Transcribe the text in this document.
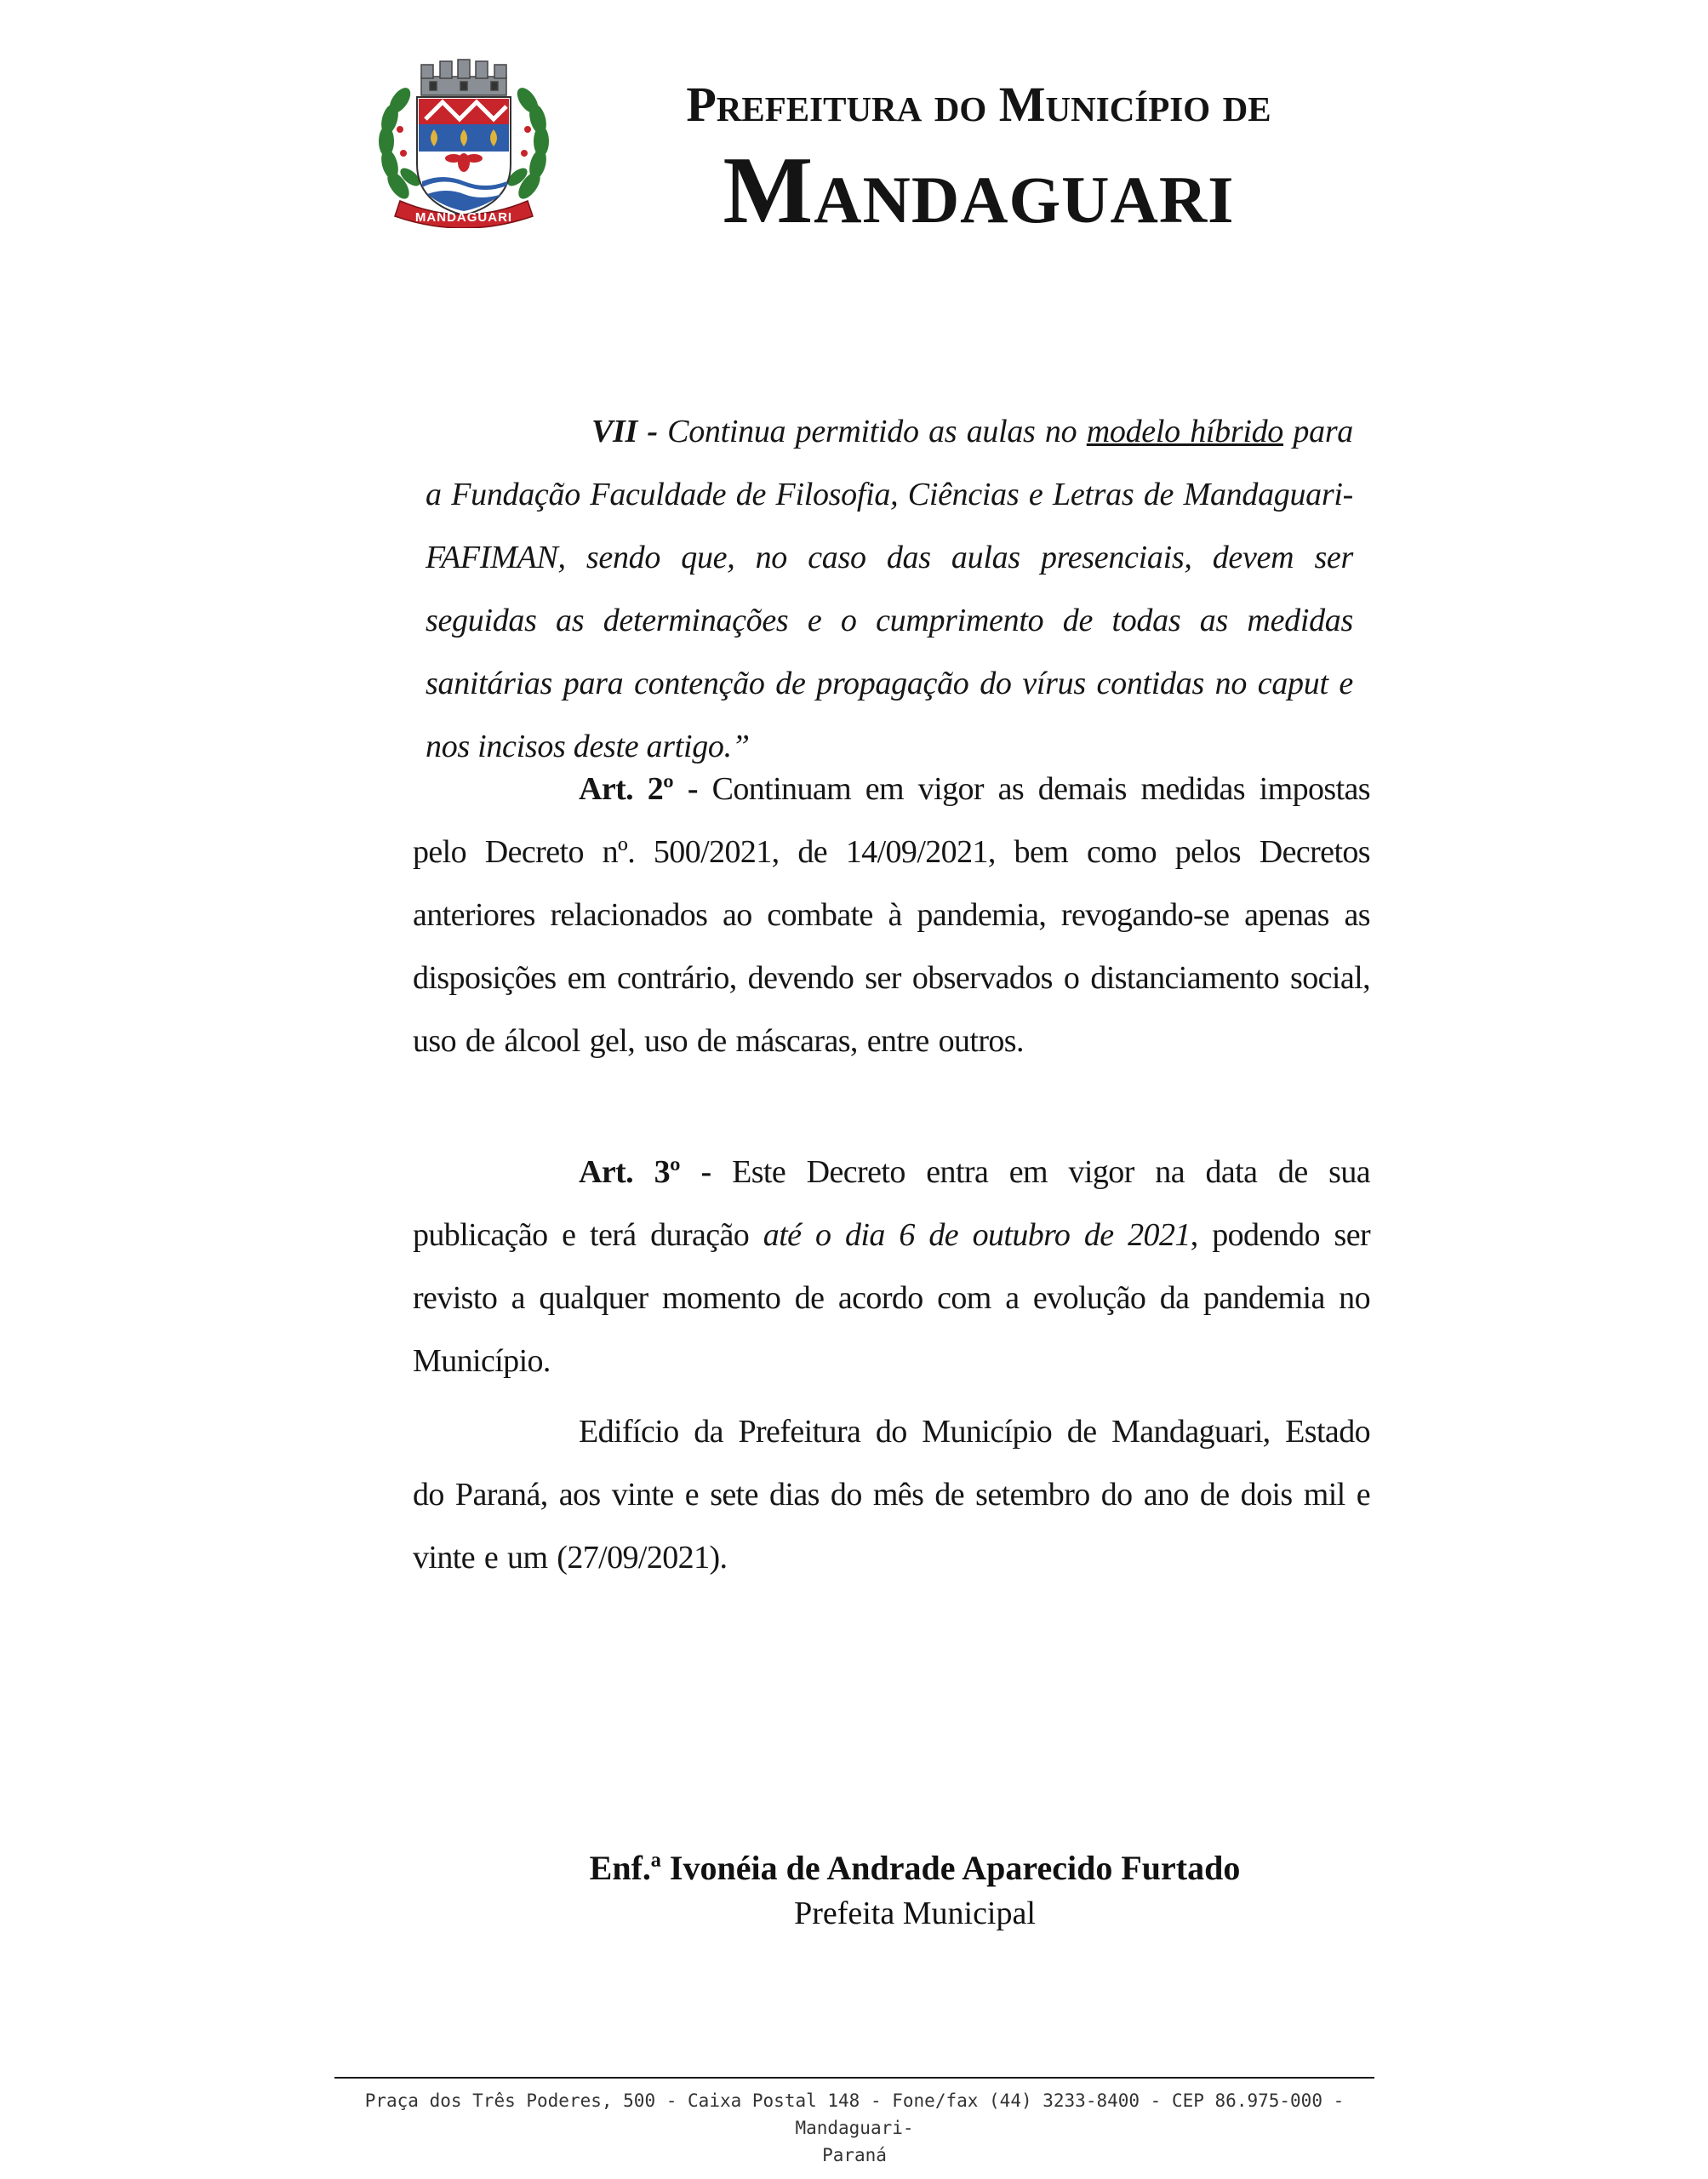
MANDAGUARI
Prefeitura do Município de
Mandaguari
VII - Continua permitido as aulas no modelo híbrido para a Fundação Faculdade de Filosofia, Ciências e Letras de Mandaguari-FAFIMAN, sendo que, no caso das aulas presenciais, devem ser seguidas as determinações e o cumprimento de todas as medidas sanitárias para contenção de propagação do vírus contidas no caput e nos incisos deste artigo.”
Art. 2º - Continuam em vigor as demais medidas impostas pelo Decreto nº. 500/2021, de 14/09/2021, bem como pelos Decretos anteriores relacionados ao combate à pandemia, revogando-se apenas as disposições em contrário, devendo ser observados o distanciamento social, uso de álcool gel, uso de máscaras, entre outros.
Art. 3º - Este Decreto entra em vigor na data de sua publicação e terá duração até o dia 6 de outubro de 2021, podendo ser revisto a qualquer momento de acordo com a evolução da pandemia no Município.
Edifício da Prefeitura do Município de Mandaguari, Estado do Paraná, aos vinte e sete dias do mês de setembro do ano de dois mil e vinte e um (27/09/2021).
Enf.ª Ivonéia de Andrade Aparecido Furtado
Prefeita Municipal
Praça dos Três Poderes, 500 - Caixa Postal 148 - Fone/fax (44) 3233-8400 - CEP 86.975-000 - Mandaguari-
Paraná
